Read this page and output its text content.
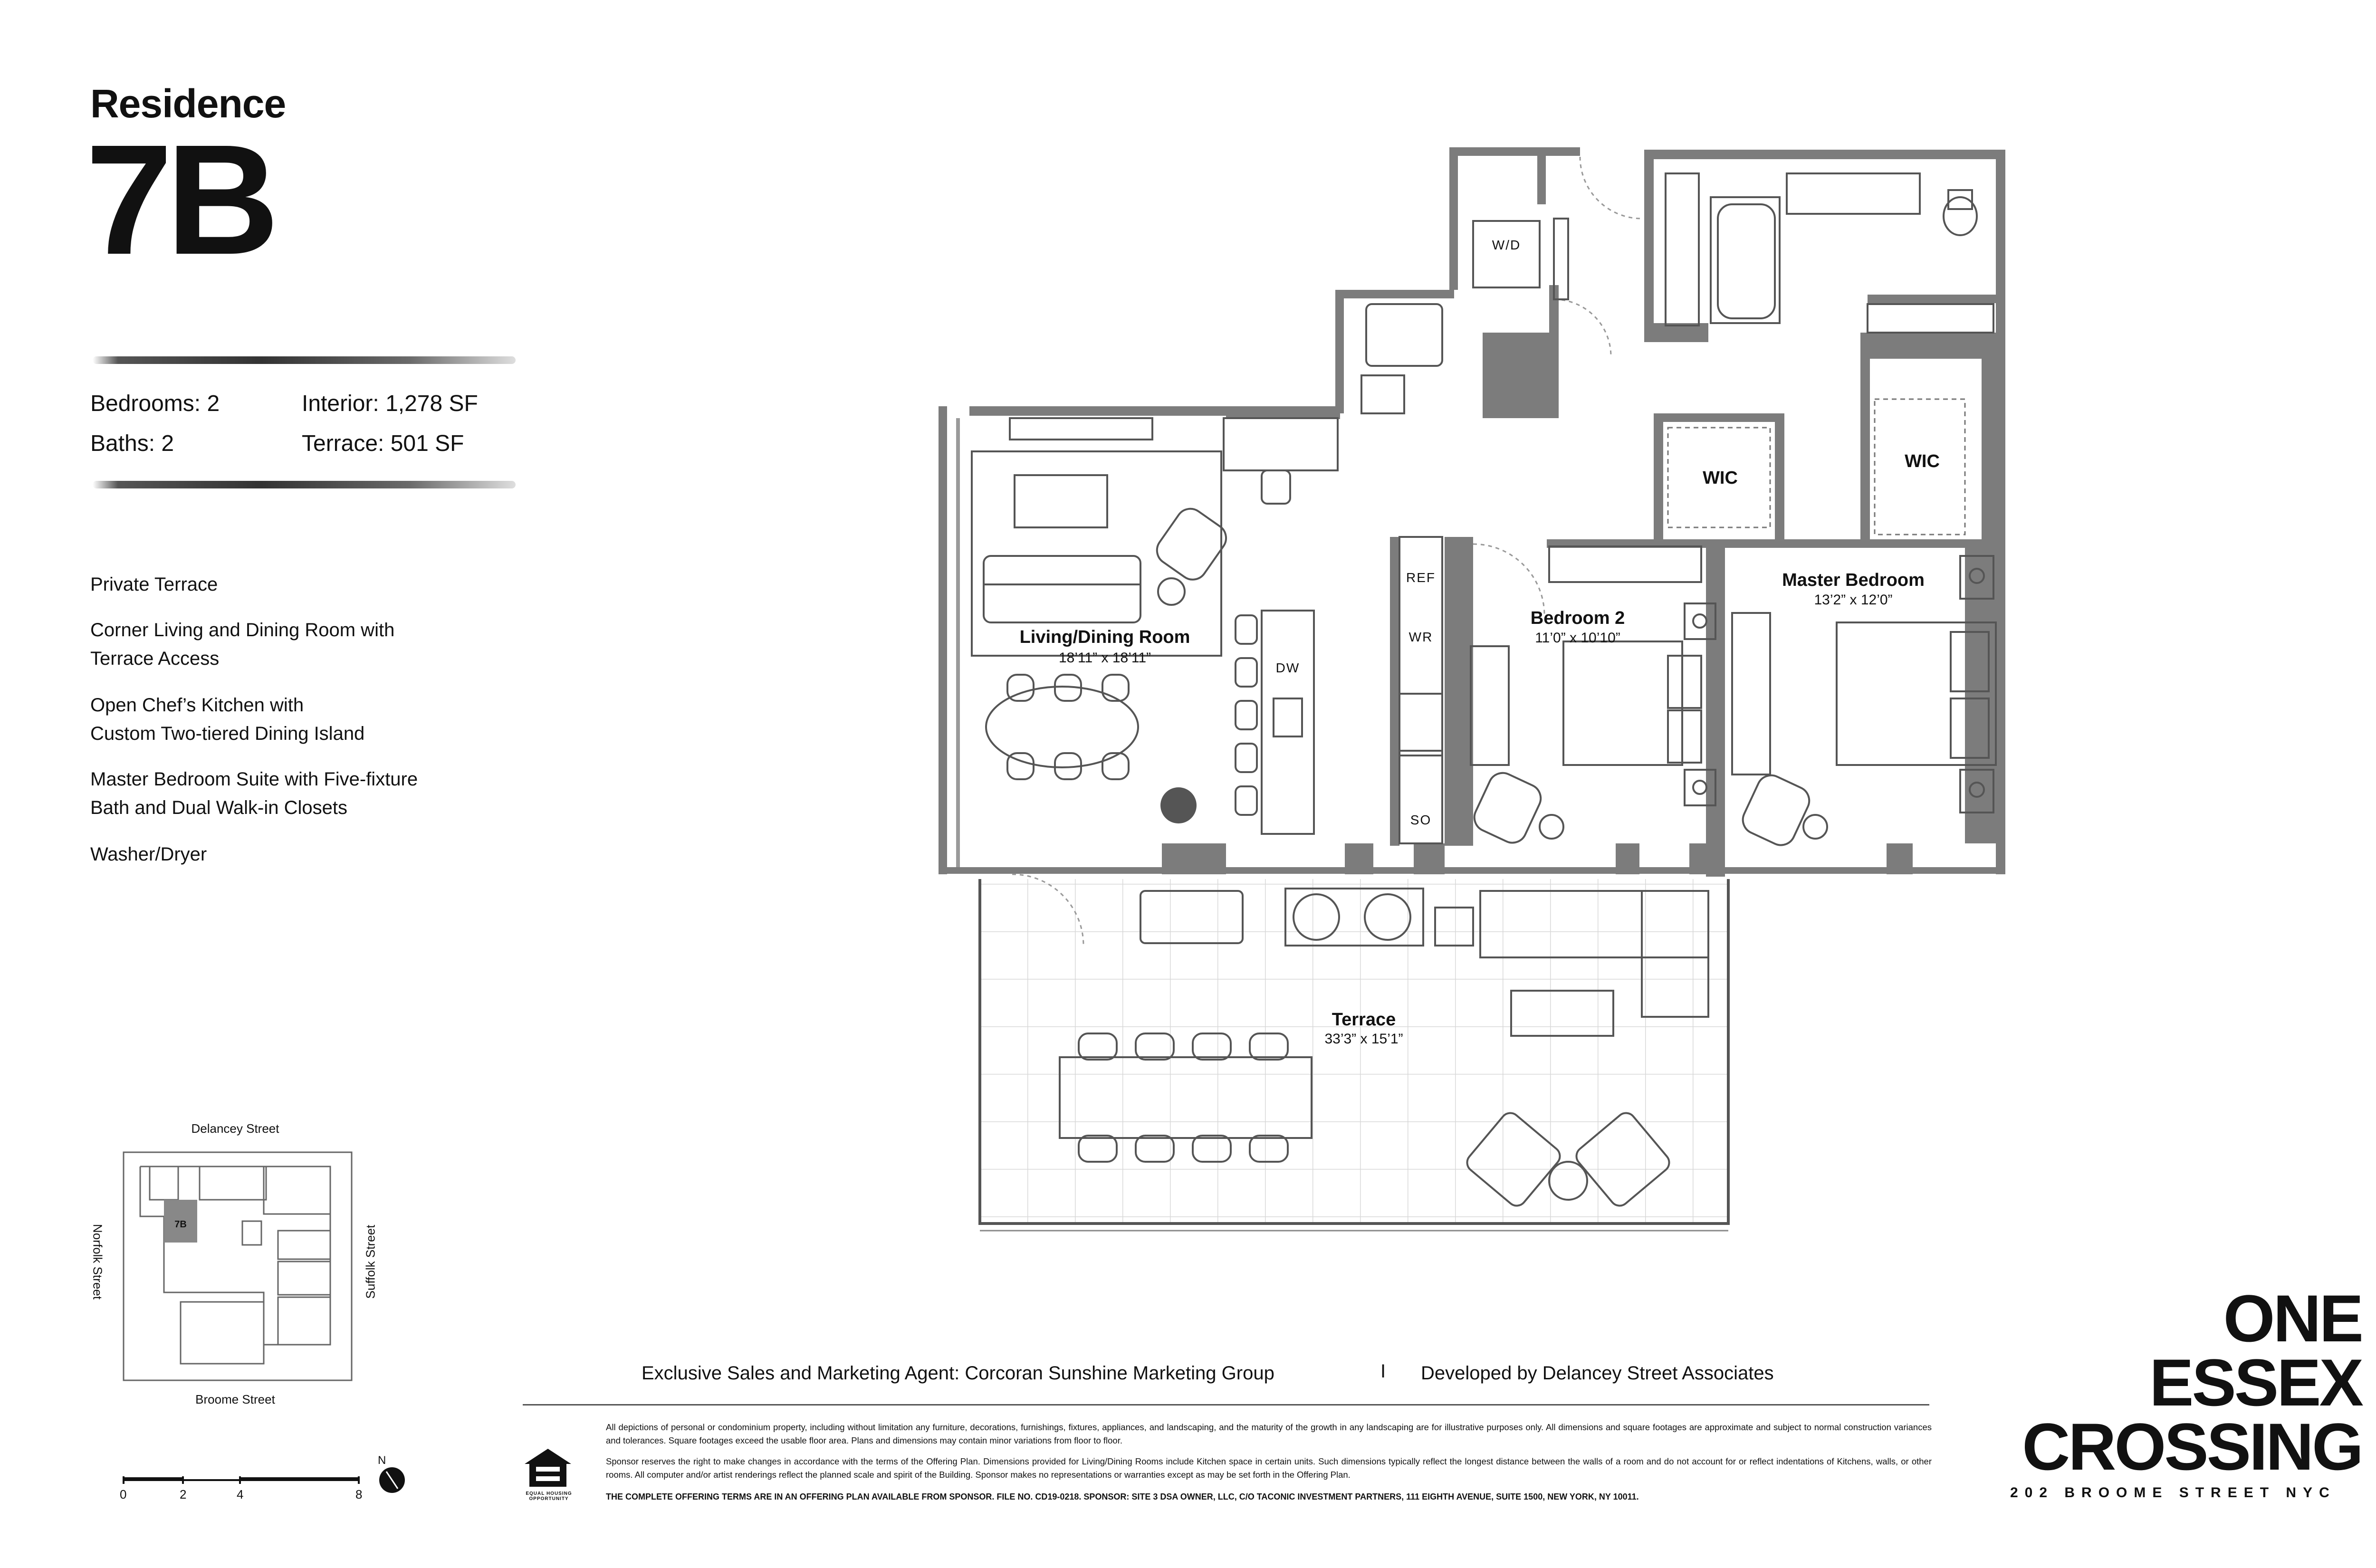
Residence
7B
Bedrooms: 2	Interior: 1,278 SF
Baths: 2	Terrace: 501 SF
Private Terrace
Corner Living and Dining Room with
Terrace Access
Open Chef’s Kitchen with
Custom Two-tiered Dining Island
Master Bedroom Suite with Five-fixture
Bath and Dual Walk-in Closets
Washer/Dryer
Living/Dining Room
18’11” x 18’11”
Bedroom 2
11’0” x 10’10”
Master Bedroom
13’2” x 12’0”
Terrace
33’3” x 15’1”
WIC
WIC
W/D
REF
WR
DW
SO
Delancey Street
Broome Street
Norfolk Street	Suffolk Street
7B
0	2	4	8
N
Exclusive Sales and Marketing Agent: Corcoran Sunshine Marketing Group	I Developed by Delancey Street Associates
EQUAL HOUSING OPPORTUNITY
All depictions of personal or condominium property, including without limitation any furniture, decorations, furnishings, fixtures, appliances, and landscaping, and the maturity of the growth in any landscaping are for illustrative purposes only. All dimensions and square footages are approximate and subject to normal construction variances and tolerances. Square footages exceed the usable floor area. Plans and dimensions may contain minor variations from floor to floor.
Sponsor reserves the right to make changes in accordance with the terms of the Offering Plan. Dimensions provided for Living/Dining Rooms include Kitchen space in certain units. Such dimensions typically reflect the longest distance between the walls of a room and do not account for or reflect indentations of Kitchens, walls, or other rooms. All computer and/or artist renderings reflect the planned scale and spirit of the Building. Sponsor makes no representations or warranties except as may be set forth in the Offering Plan.
THE COMPLETE OFFERING TERMS ARE IN AN OFFERING PLAN AVAILABLE FROM SPONSOR. FILE NO. CD19-0218. SPONSOR: SITE 3 DSA OWNER, LLC, C/O TACONIC INVESTMENT PARTNERS, 111 EIGHTH AVENUE, SUITE 1500, NEW YORK, NY 10011.
ONE
ESSEX
CROSSING
202 BROOME STREET NYC
